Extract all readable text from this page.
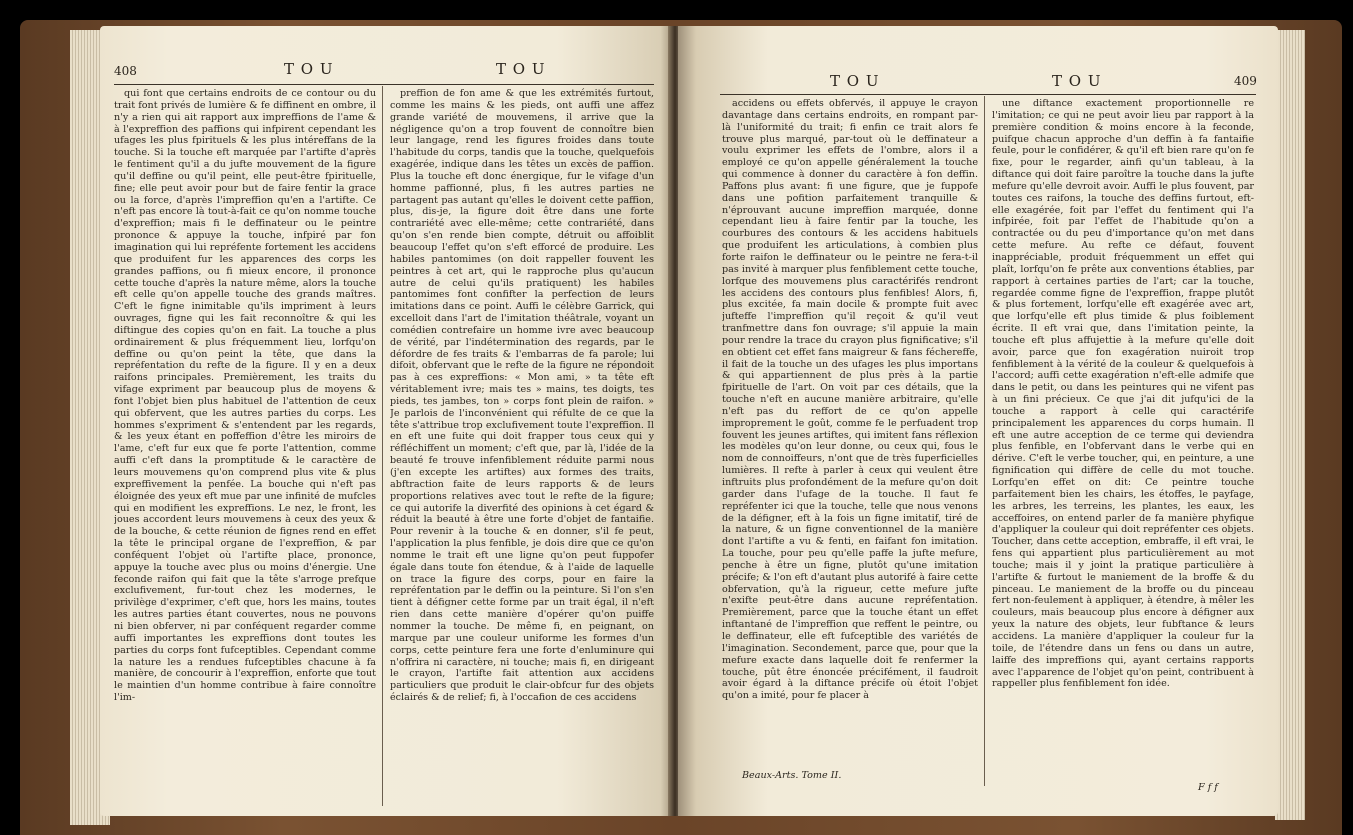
408	T O U	T O U

qui font que certains endroits de ce contour ou du trait font privés de lumière & fe diffinent en ombre, il n'y a rien qui ait rapport aux impreffions de l'ame & à l'expreffion des paffions qui infpirent cependant les ufages les plus fpirituels & les plus intéreffans de la touche. Si la touche eft marquée par l'artifte d'après le fentiment qu'il a du jufte mouvement de la figure qu'il deffine ou qu'il peint, elle peut-être fpirituelle, fine; elle peut avoir pour but de faire fentir la grace ou la force, d'après l'impreffion qu'en a l'artifte. Ce n'eft pas encore là tout-à-fait ce qu'on nomme touche d'expreffion; mais fi le deffinateur ou le peintre prononce & appuye la touche, infpiré par fon imagination qui lui repréfente fortement les accidens que produifent fur les apparences des corps les grandes paffions, ou fi mieux encore, il prononce cette touche d'après la nature même, alors la touche eft celle qu'on appelle touche des grands maîtres. C'eft le figne inimitable qu'ils impriment à leurs ouvrages, figne qui les fait reconnoître & qui les diftingue des copies qu'on en fait. La touche a plus ordinairement & plus fréquemment lieu, lorfqu'on deffine ou qu'on peint la tête, que dans la repréfentation du refte de la figure. Il y en a deux raifons principales. Premièrement, les traits du vifage expriment par beaucoup plus de moyens & font l'objet bien plus habituel de l'attention de ceux qui obfervent, que les autres parties du corps. Les hommes s'expriment & s'entendent par les regards, & les yeux étant en poffeffion d'être les miroirs de l'ame, c'eft fur eux que fe porte l'attention, comme auffi c'eft dans la promptitude & le caractère de leurs mouvemens qu'on comprend plus vite & plus expreffivement la penfée. La bouche qui n'eft pas éloignée des yeux eft mue par une infinité de mufcles qui en modifient les expreffions. Le nez, le front, les joues accordent leurs mouvemens à ceux des yeux & de la bouche, & cette réunion de fignes rend en effet la tête le principal organe de l'expreffion, & par conféquent l'objet où l'artifte place, prononce, appuye la touche avec plus ou moins d'énergie. Une feconde raifon qui fait que la tête s'arroge prefque exclufivement, fur-tout chez les modernes, le privilège d'exprimer, c'eft que, hors les mains, toutes les autres parties étant couvertes, nous ne pouvons ni bien obferver, ni par conféquent regarder comme auffi importantes les expreffions dont toutes les parties du corps font fufceptibles. Cependant comme la nature les a rendues fufceptibles chacune à fa manière, de concourir à l'expreffion, enforte que tout le maintien d'un homme contribue à faire connoître l'im-

preffion de fon ame & que les extrémités furtout, comme les mains & les pieds, ont auffi une affez grande variété de mouvemens, il arrive que la négligence qu'on a trop fouvent de connoître bien leur langage, rend les figures froides dans toute l'habitude du corps, tandis que la touche, quelquefois exagérée, indique dans les têtes un excès de paffion. Plus la touche eft donc énergique, fur le vifage d'un homme paffionné, plus, fi les autres parties ne partagent pas autant qu'elles le doivent cette paffion, plus, dis-je, la figure doit être dans une forte contrariété avec elle-même; cette contrariété, dans qu'on s'en rende bien compte, détruit ou affoiblit beaucoup l'effet qu'on s'eft efforcé de produire. Les habiles pantomimes (on doit rappeller fouvent les peintres à cet art, qui le rapproche plus qu'aucun autre de celui qu'ils pratiquent) les habiles pantomimes font confifter la perfection de leurs imitations dans ce point. Auffi le célèbre Garrick, qui excelloit dans l'art de l'imitation théâtrale, voyant un comédien contrefaire un homme ivre avec beaucoup de vérité, par l'indétermination des regards, par le défordre de fes traits & l'embarras de fa parole; lui difoit, obfervant que le refte de la figure ne répondoit pas à ces expreffions: « Mon ami, » ta tête eft véritablement ivre; mais tes » mains, tes doigts, tes pieds, tes jambes, ton » corps font plein de raifon. » Je parlois de l'inconvénient qui réfulte de ce que la tête s'attribue trop exclufivement toute l'expreffion. Il en eft une fuite qui doit frapper tous ceux qui y réfléchiffent un moment; c'eft que, par là, l'idée de la beauté fe trouve infenfiblement réduite parmi nous (j'en excepte les artiftes) aux formes des traits, abftraction faite de leurs rapports & de leurs proportions relatives avec tout le refte de la figure; ce qui autorife la diverfité des opinions à cet égard & réduit la beauté à être une forte d'objet de fantaifie. Pour revenir à la touche & en donner, s'il fe peut, l'application la plus fenfible, je dois dire que ce qu'on nomme le trait eft une ligne qu'on peut fuppofer égale dans toute fon étendue, & à l'aide de laquelle on trace la figure des corps, pour en faire la repréfentation par le deffin ou la peinture. Si l'on s'en tient à défigner cette forme par un trait égal, il n'eft rien dans cette manière d'opérer qu'on puiffe nommer la touche. De même fi, en peignant, on marque par une couleur uniforme les formes d'un corps, cette peinture fera une forte d'enluminure qui n'offrira ni caractère, ni touche; mais fi, en dirigeant le crayon, l'artifte fait attention aux accidens particuliers que produit le clair-obfcur fur des objets éclairés & de relief; fi, à l'occafion de ces accidens

T O U	T O U	409

accidens ou effets obfervés, il appuye le crayon davantage dans certains endroits, en rompant par-là l'uniformité du trait; fi enfin ce trait alors fe trouve plus marqué, par-tout où le deffinateur a voulu exprimer les effets de l'ombre, alors il a employé ce qu'on appelle généralement la touche qui commence à donner du caractère à fon deffin. Paffons plus avant: fi une figure, que je fuppofe dans une pofition parfaitement tranquille & n'éprouvant aucune impreffion marquée, donne cependant lieu à faire fentir par la touche, les courbures des contours & les accidens habituels que produifent les articulations, à combien plus forte raifon le deffinateur ou le peintre ne fera-t-il pas invité à marquer plus fenfiblement cette touche, lorfque des mouvemens plus caractérifés rendront les accidens des contours plus fenfibles! Alors, fi, plus excitée, fa main docile & prompte fuit avec jufteffe l'impreffion qu'il reçoit & qu'il veut tranfmettre dans fon ouvrage; s'il appuie la main pour rendre la trace du crayon plus fignificative; s'il en obtient cet effet fans maigreur & fans féchereffe, il fait de la touche un des ufages les plus importans & qui appartiennent de plus près à la partie fpirituelle de l'art. On voit par ces détails, que la touche n'eft en aucune manière arbitraire, qu'elle n'eft pas du reffort de ce qu'on appelle improprement le goût, comme fe le perfuadent trop fouvent les jeunes artiftes, qui imitent fans réflexion les modèles qu'on leur donne, ou ceux qui, fous le nom de connoiffeurs, n'ont que de très fuperficielles lumières. Il refte à parler à ceux qui veulent être inftruits plus profondément de la mefure qu'on doit garder dans l'ufage de la touche. Il faut fe repréfenter ici que la touche, telle que nous venons de la défigner, eft à la fois un figne imitatif, tiré de la nature, & un figne conventionnel de la manière dont l'artifte a vu & fenti, en faifant fon imitation. La touche, pour peu qu'elle paffe la jufte mefure, penche à être un figne, plutôt qu'une imitation précife; & l'on eft d'autant plus autorifé à faire cette obfervation, qu'à la rigueur, cette mefure jufte n'exifte peut-être dans aucune repréfentation. Premièrement, parce que la touche étant un effet inftantané de l'impreffion que reffent le peintre, ou le deffinateur, elle eft fufceptible des variétés de l'imagination. Secondement, parce que, pour que la mefure exacte dans laquelle doit fe renfermer la touche, pût être énoncée précifément, il faudroit avoir égard à la diftance précife où étoit l'objet qu'on a imité, pour fe placer à

une diftance exactement proportionnelle re l'imitation; ce qui ne peut avoir lieu par rapport à la première condition & moins encore à la feconde, puifque chacun approche d'un deffin à fa fantaifie feule, pour le confidérer, & qu'il eft bien rare qu'on fe fixe, pour le regarder, ainfi qu'un tableau, à la diftance qui doit faire paroître la touche dans la jufte mefure qu'elle devroit avoir. Auffi le plus fouvent, par toutes ces raifons, la touche des deffins furtout, eft-elle exagérée, foit par l'effet du fentiment qui l'a infpirée, foit par l'effet de l'habitude qu'on a contractée ou du peu d'importance qu'on met dans cette mefure. Au refte ce défaut, fouvent inappréciable, produit fréquemment un effet qui plaît, lorfqu'on fe prête aux conventions établies, par rapport à certaines parties de l'art; car la touche, regardée comme figne de l'expreffion, frappe plutôt & plus fortement, lorfqu'elle eft exagérée avec art, que lorfqu'elle eft plus timide & plus foiblement écrite. Il eft vrai que, dans l'imitation peinte, la touche eft plus affujettie à la mefure qu'elle doit avoir, parce que fon exagération nuiroit trop fenfiblement à la vérité de la couleur & quelquefois à l'accord; auffi cette exagération n'eft-elle admife que dans le petit, ou dans les peintures qui ne vifent pas à un fini précieux. Ce que j'ai dit jufqu'ici de la touche a rapport à celle qui caractérife principalement les apparences du corps humain. Il eft une autre acception de ce terme qui deviendra plus fenfible, en l'obfervant dans le verbe qui en dérive. C'eft le verbe toucher, qui, en peinture, a une fignification qui diffère de celle du mot touche. Lorfqu'en effet on dit: Ce peintre touche parfaitement bien les chairs, les étoffes, le payfage, les arbres, les terreins, les plantes, les eaux, les acceffoires, on entend parler de fa manière phyfique d'appliquer la couleur qui doit repréfenter ces objets. Toucher, dans cette acception, embraffe, il eft vrai, le fens qui appartient plus particulièrement au mot touche; mais il y joint la pratique particulière à l'artifte & furtout le maniement de la broffe & du pinceau. Le maniement de la broffe ou du pinceau fert non-feulement à appliquer, à étendre, à mêler les couleurs, mais beaucoup plus encore à défigner aux yeux la nature des objets, leur fubftance & leurs accidens. La manière d'appliquer la couleur fur la toile, de l'étendre dans un fens ou dans un autre, laiffe des impreffions qui, ayant certains rapports avec l'apparence de l'objet qu'on peint, contribuent à rappeller plus fenfiblement fon idée.

Beaux-Arts. Tome II.
F f f
